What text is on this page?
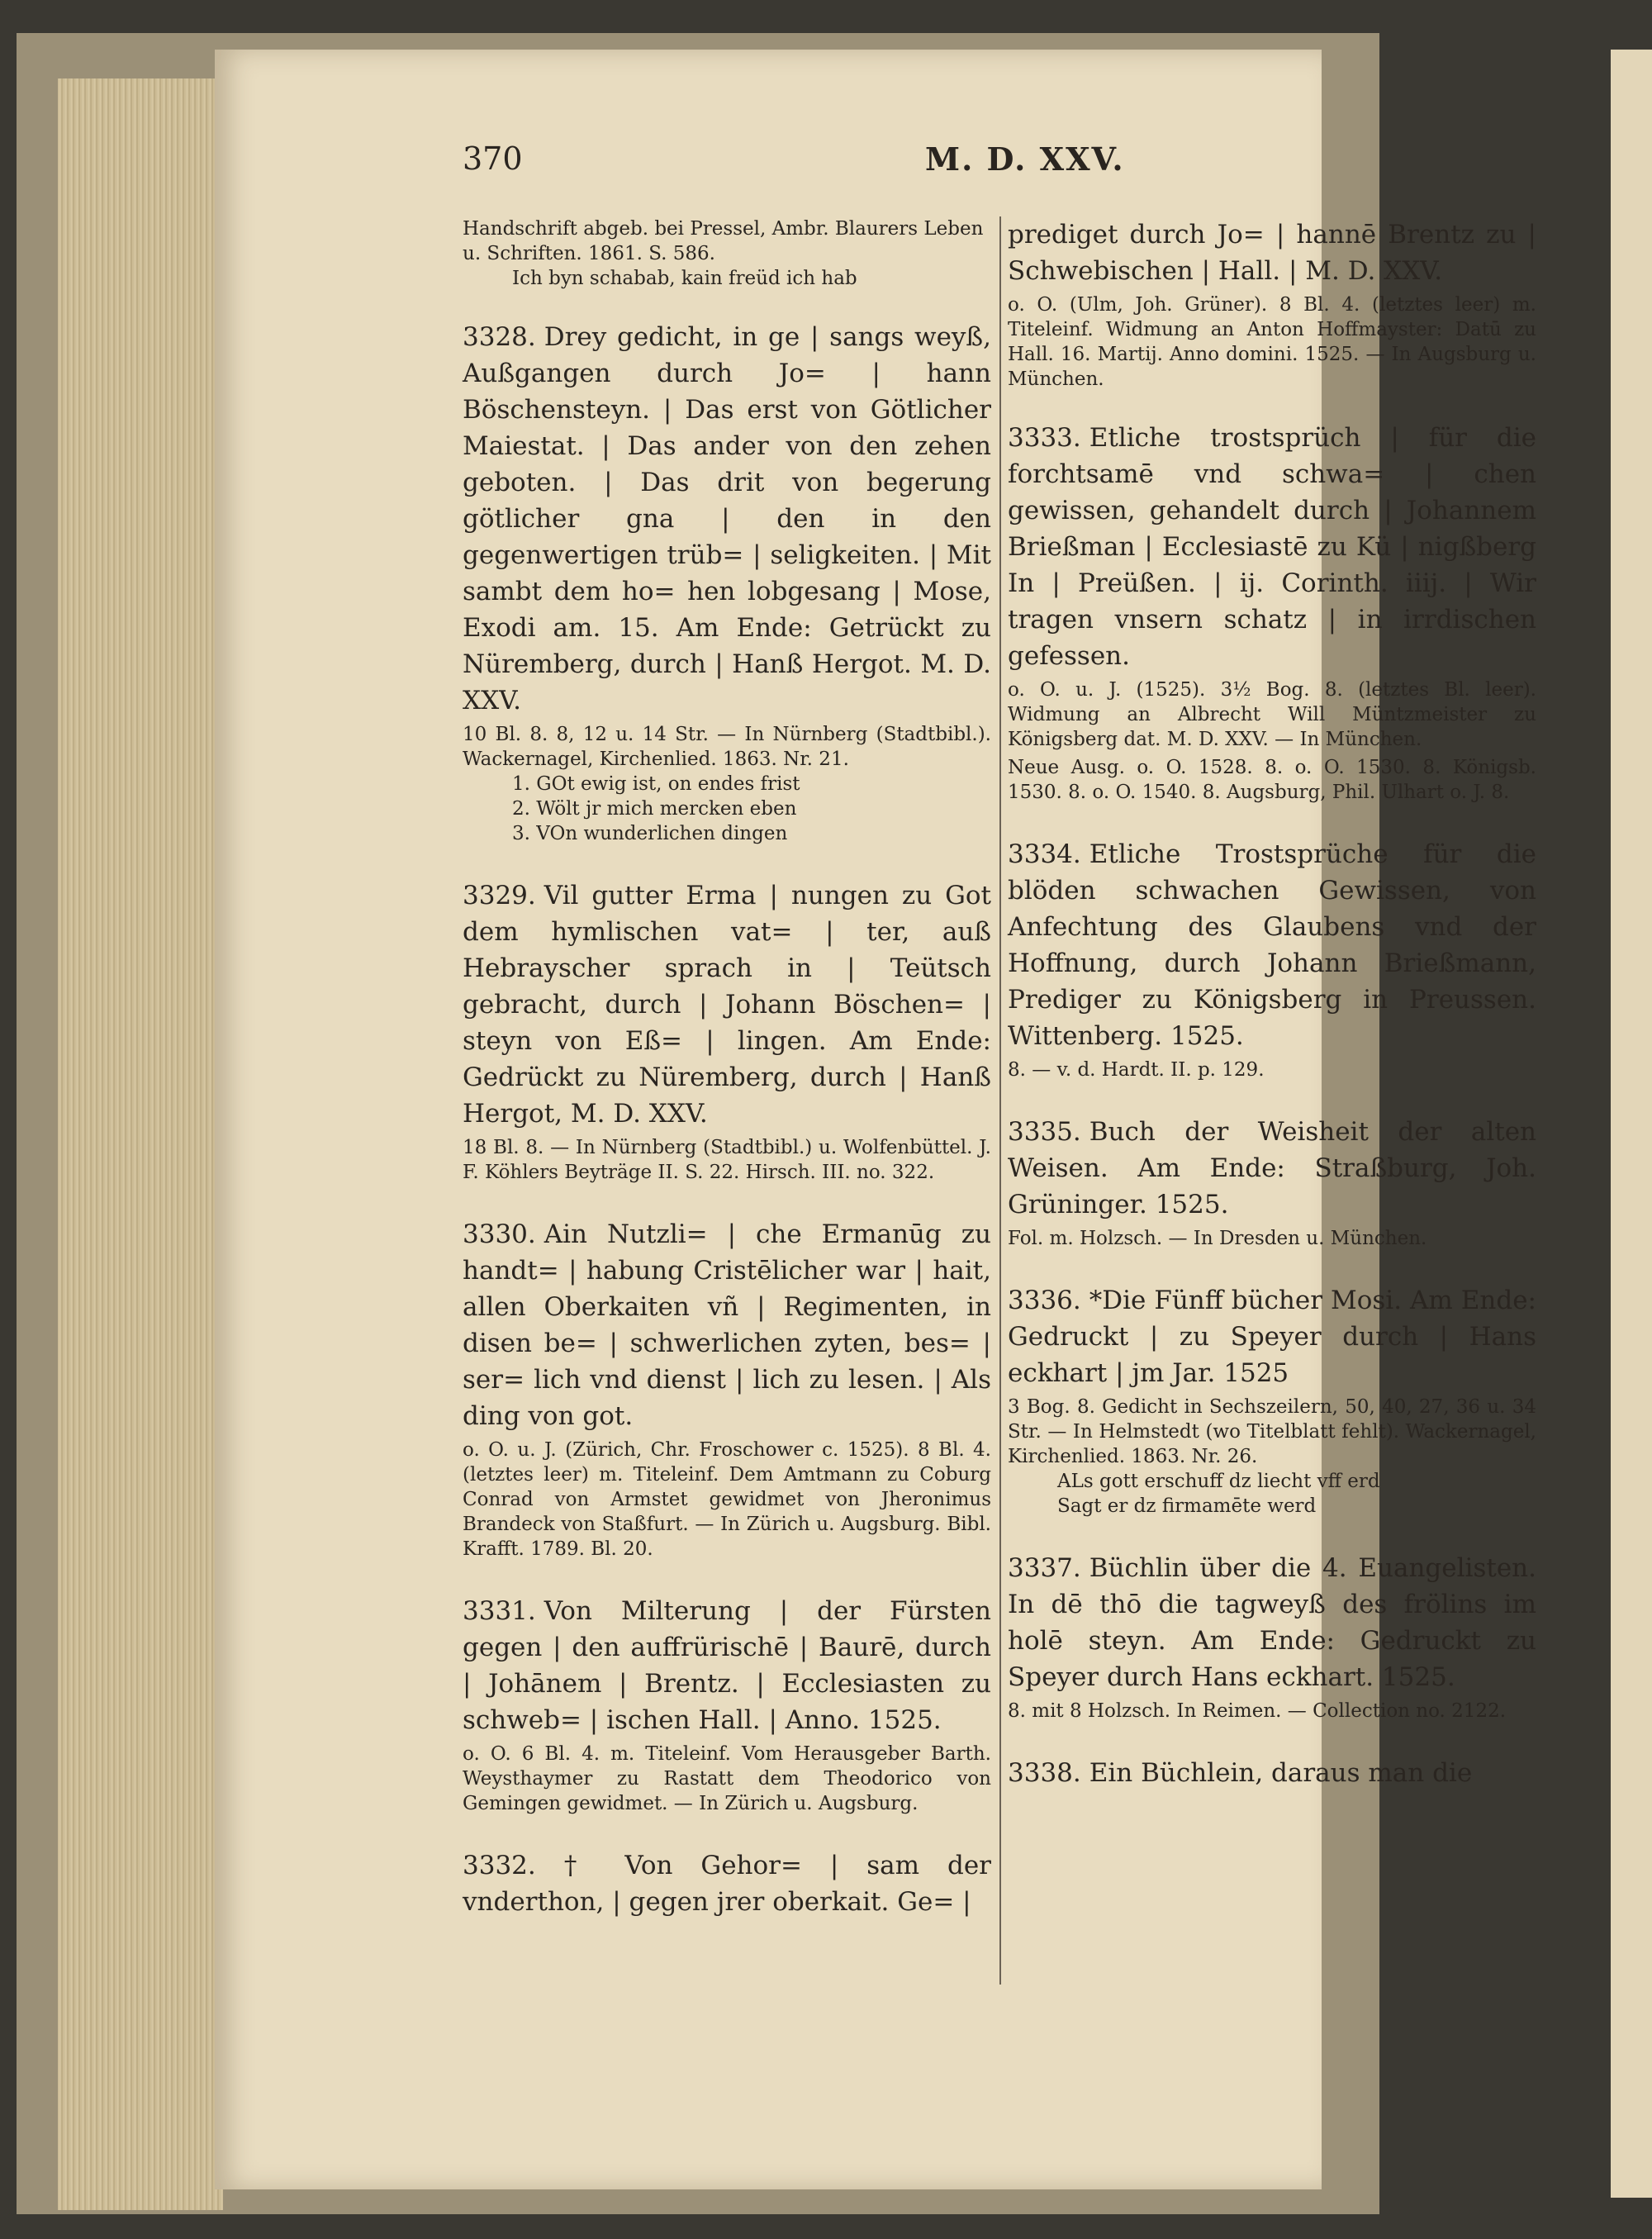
370	M. D. XXV.

Handschrift abgeb. bei Pressel, Ambr. Blaurers Leben u. Schriften. 1861. S. 586.

Ich byn schabab, kain freüd ich hab

3328. Drey gedicht, in ge | sangs weyß, Außgangen durch Jo= | hann Böschensteyn. | Das erst von Götlicher Maiestat. | Das ander von den zehen geboten. | Das drit von begerung götlicher gna | den in den gegenwertigen trüb= | seligkeiten. | Mit sambt dem ho= hen lobgesang | Mose, Exodi am. 15. Am Ende: Getrückt zu Nüremberg, durch | Hanß Hergot. M. D. XXV.

10 Bl. 8. 8, 12 u. 14 Str. — In Nürnberg (Stadtbibl.). Wackernagel, Kirchenlied. 1863. Nr. 21.

1. GOt ewig ist, on endes frist

2. Wölt jr mich mercken eben

3. VOn wunderlichen dingen

3329. Vil gutter Erma | nungen zu Got dem hymlischen vat= | ter, auß Hebrayscher sprach in | Teütsch gebracht, durch | Johann Böschen= | steyn von Eß= | lingen. Am Ende: Gedrückt zu Nüremberg, durch | Hanß Hergot, M. D. XXV.

18 Bl. 8. — In Nürnberg (Stadtbibl.) u. Wolfenbüttel. J. F. Köhlers Beyträge II. S. 22. Hirsch. III. no. 322.

3330. Ain Nutzli= | che Ermanūg zu handt= | habung Cristēlicher war | hait, allen Oberkaiten vñ | Regimenten, in disen be= | schwerlichen zyten, bes= | ser= lich vnd dienst | lich zu lesen. | Als ding von got.

o. O. u. J. (Zürich, Chr. Froschower c. 1525). 8 Bl. 4. (letztes leer) m. Titeleinf. Dem Amtmann zu Coburg Conrad von Armstet gewidmet von Jheronimus Brandeck von Staßfurt. — In Zürich u. Augsburg. Bibl. Krafft. 1789. Bl. 20.

3331. Von Milterung | der Fürsten gegen | den auffrürischē | Baurē, durch | Johānem | Brentz. | Ecclesiasten zu schweb= | ischen Hall. | Anno. 1525.

o. O. 6 Bl. 4. m. Titeleinf. Vom Herausgeber Barth. Weysthaymer zu Rastatt dem Theodorico von Gemingen gewidmet. — In Zürich u. Augsburg.

3332. † Von Gehor= | sam der vnderthon, | gegen jrer oberkait. Ge= |

prediget durch Jo= | hannē Brentz zu | Schwebischen | Hall. | M. D. XXV.

o. O. (Ulm, Joh. Grüner). 8 Bl. 4. (letztes leer) m. Titeleinf. Widmung an Anton Hoffmayster: Datū zu Hall. 16. Martij. Anno domini. 1525. — In Augsburg u. München.

3333. Etliche trostsprüch | für die forchtsamē vnd schwa= | chen gewissen, gehandelt durch | Johannem Brießman | Ecclesiastē zu Kü | nigßberg In | Preüßen. | ij. Corinth. iiij. | Wir tragen vnsern schatz | in irrdischen gefessen.

o. O. u. J. (1525). 3½ Bog. 8. (letztes Bl. leer). Widmung an Albrecht Will Müntzmeister zu Königsberg dat. M. D. XXV. — In München.

Neue Ausg. o. O. 1528. 8. o. O. 1530. 8. Königsb. 1530. 8. o. O. 1540. 8. Augsburg, Phil. Ulhart o. J. 8.

3334. Etliche Trostsprüche für die blöden schwachen Gewissen, von Anfechtung des Glaubens vnd der Hoffnung, durch Johann Brießmann, Prediger zu Königsberg in Preussen. Wittenberg. 1525.

8. — v. d. Hardt. II. p. 129.

3335. Buch der Weisheit der alten Weisen. Am Ende: Straßburg, Joh. Grüninger. 1525.

Fol. m. Holzsch. — In Dresden u. München.

3336. *Die Fünff bücher Mosi. Am Ende: Gedruckt | zu Speyer durch | Hans eckhart | jm Jar. 1525

3 Bog. 8. Gedicht in Sechszeilern, 50, 40, 27, 36 u. 34 Str. — In Helmstedt (wo Titelblatt fehlt). Wackernagel, Kirchenlied. 1863. Nr. 26.

ALs gott erschuff dz liecht vff erd

Sagt er dz firmamēte werd

3337. Büchlin über die 4. Euangelisten. In dē thō die tagweyß des frölins im holē steyn. Am Ende: Gedruckt zu Speyer durch Hans eckhart. 1525.

8. mit 8 Holzsch. In Reimen. — Collection no. 2122.

3338. Ein Büchlein, daraus man die
